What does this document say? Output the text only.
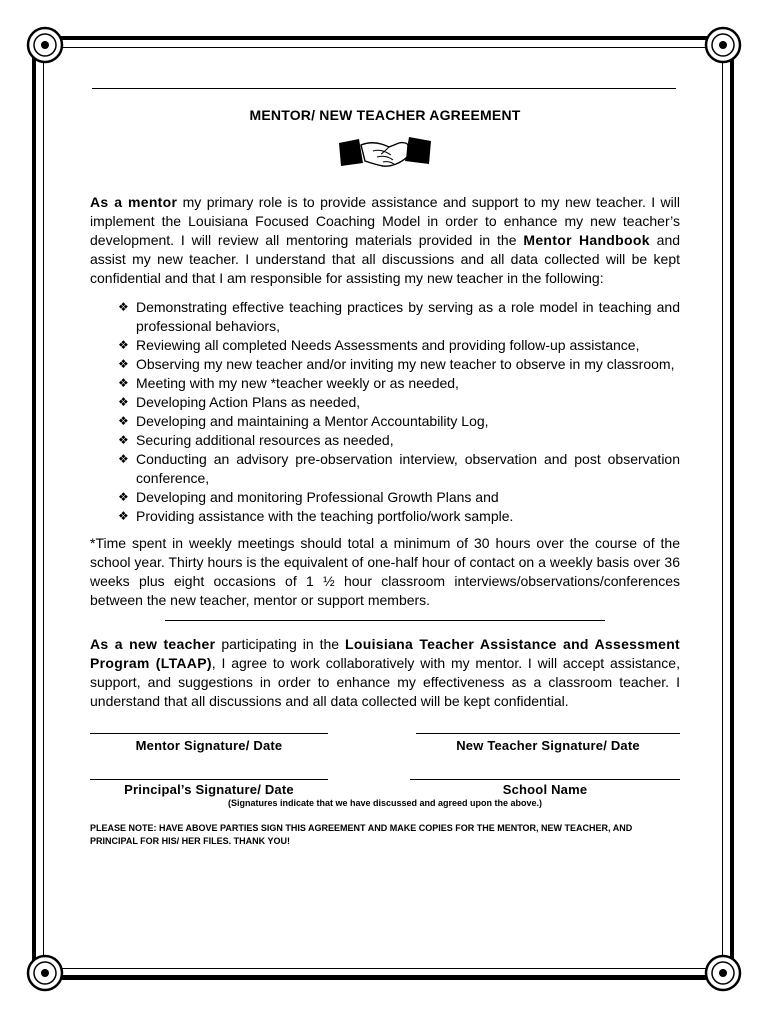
MENTOR/ NEW TEACHER AGREEMENT

As a mentor my primary role is to provide assistance and support to my new teacher. I will implement the Louisiana Focused Coaching Model in order to enhance my new teacher’s development. I will review all mentoring materials provided in the Mentor Handbook and assist my new teacher. I understand that all discussions and all data collected will be kept confidential and that I am responsible for assisting my new teacher in the following:

❖ Demonstrating effective teaching practices by serving as a role model in teaching and professional behaviors,
❖ Reviewing all completed Needs Assessments and providing follow-up assistance,
❖ Observing my new teacher and/or inviting my new teacher to observe in my classroom,
❖ Meeting with my new *teacher weekly or as needed,
❖ Developing Action Plans as needed,
❖ Developing and maintaining a Mentor Accountability Log,
❖ Securing additional resources as needed,
❖ Conducting an advisory pre-observation interview, observation and post observation conference,
❖ Developing and monitoring Professional Growth Plans and
❖ Providing assistance with the teaching portfolio/work sample.

*Time spent in weekly meetings should total a minimum of 30 hours over the course of the school year. Thirty hours is the equivalent of one-half hour of contact on a weekly basis over 36 weeks plus eight occasions of 1 ½ hour classroom interviews/observations/conferences between the new teacher, mentor or support members.

As a new teacher participating in the Louisiana Teacher Assistance and Assessment Program (LTAAP), I agree to work collaboratively with my mentor. I will accept assistance, support, and suggestions in order to enhance my effectiveness as a classroom teacher. I understand that all discussions and all data collected will be kept confidential.

Mentor Signature/ Date	New Teacher Signature/ Date
Principal’s Signature/ Date	School Name
(Signatures indicate that we have discussed and agreed upon the above.)
PLEASE NOTE: HAVE ABOVE PARTIES SIGN THIS AGREEMENT AND MAKE COPIES FOR THE MENTOR, NEW TEACHER, AND PRINCIPAL FOR HIS/ HER FILES. THANK YOU!
